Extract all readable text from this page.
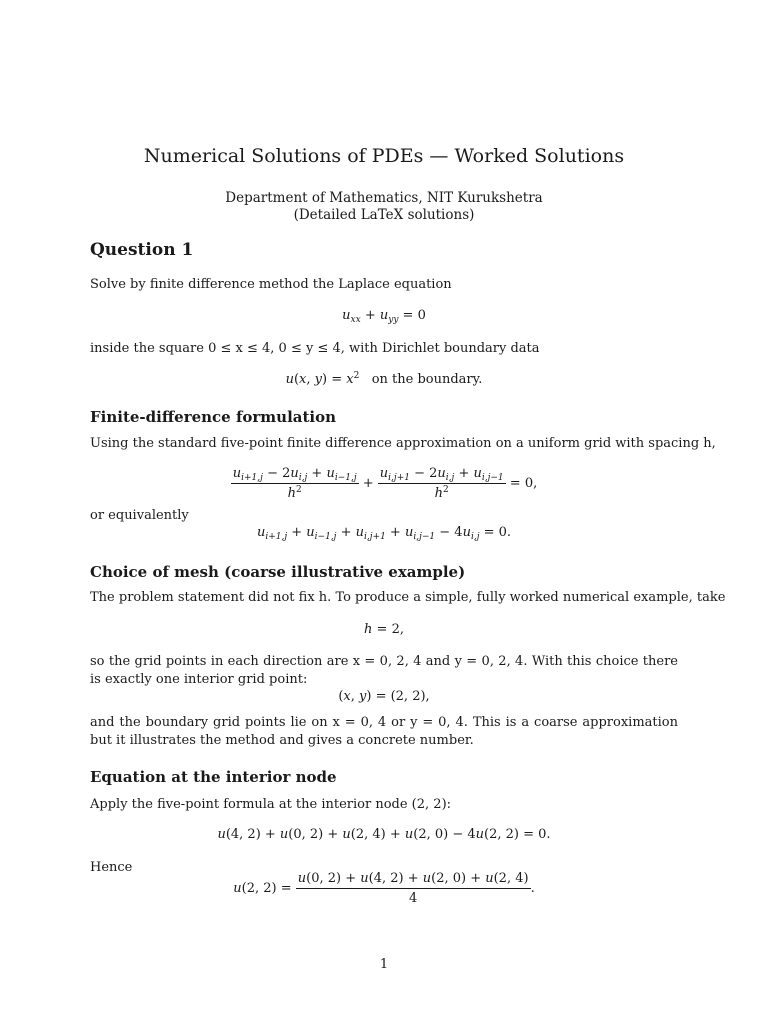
Numerical Solutions of PDEs — Worked Solutions
Department of Mathematics, NIT Kurukshetra
(Detailed LaTeX solutions)
Question 1
Solve by finite difference method the Laplace equation
$u_{xx} + u_{yy} = 0$
inside the square 0 ≤ x ≤ 4, 0 ≤ y ≤ 4, with Dirichlet boundary data
u(x, $y) = x^2$   on the boundary.
Finite-difference formulation
Using the standard five-point finite difference approximation on a uniform grid with spacing h,
$\frac{u_{i+1,j} - 2u_{i,j} + u_{i-1,j}}{h^2} + \frac{u_{i,j+1} - 2u_{i,j} + u_{i,j-1}}{h^2} = 0$,
or equivalently
$u_{i+1,j} + u_{i-1,j} + u_{i,j+1} + u_{i,j-1} - 4u_{i,j} = 0$.
Choice of mesh (coarse illustrative example)
The problem statement did not fix h. To produce a simple, fully worked numerical example, take
h = 2,
so the grid points in each direction are x = 0, 2, 4 and y = 0, 2, 4. With this choice there is exactly one interior grid point:
(x, y) = (2, 2),
and the boundary grid points lie on x = 0, 4 or y = 0, 4. This is a coarse approximation but it illustrates the method and gives a concrete number.
Equation at the interior node
Apply the five-point formula at the interior node (2, 2):
u(4, 2) + u(0, 2) + u(2, 4) + u(2, 0) − 4u(2, 2) = 0.
Hence
u(2, $2) = \frac{u(0, 2) + u(4, 2) + u(2, 0) + u(2, 4)}{4}$ .
1
